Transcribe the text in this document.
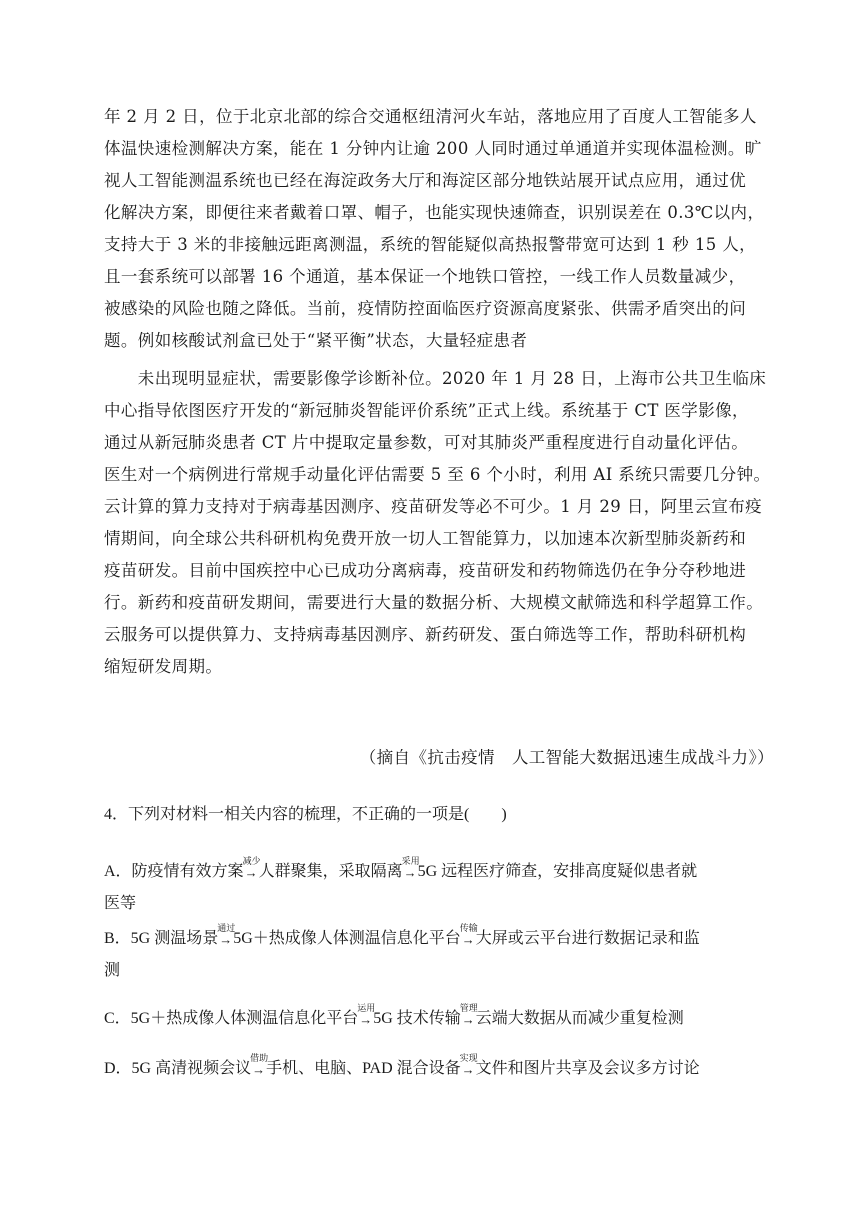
年 2 月 2 日，位于北京北部的综合交通枢纽清河火车站，落地应用了百度人工智能多人
体温快速检测解决方案，能在 1 分钟内让逾 200 人同时通过单通道并实现体温检测。旷
视人工智能测温系统也已经在海淀政务大厅和海淀区部分地铁站展开试点应用，通过优
化解决方案，即便往来者戴着口罩、帽子，也能实现快速筛查，识别误差在 0.3℃以内，
支持大于 3 米的非接触远距离测温，系统的智能疑似高热报警带宽可达到 1 秒 15 人，
且一套系统可以部署 16 个通道，基本保证一个地铁口管控，一线工作人员数量减少，
被感染的风险也随之降低。当前，疫情防控面临医疗资源高度紧张、供需矛盾突出的问
题。例如核酸试剂盒已处于“紧平衡”状态，大量轻症患者
　　未出现明显症状，需要影像学诊断补位。2020 年 1 月 28 日，上海市公共卫生临床
中心指导依图医疗开发的“新冠肺炎智能评价系统”正式上线。系统基于 CT 医学影像，
通过从新冠肺炎患者 CT 片中提取定量参数，可对其肺炎严重程度进行自动量化评估。
医生对一个病例进行常规手动量化评估需要 5 至 6 个小时，利用 AI 系统只需要几分钟。
云计算的算力支持对于病毒基因测序、疫苗研发等必不可少。1 月 29 日，阿里云宣布疫
情期间，向全球公共科研机构免费开放一切人工智能算力，以加速本次新型肺炎新药和
疫苗研发。目前中国疾控中心已成功分离病毒，疫苗研发和药物筛选仍在争分夺秒地进
行。新药和疫苗研发期间，需要进行大量的数据分析、大规模文献筛选和科学超算工作。
云服务可以提供算力、支持病毒基因测序、新药研发、蛋白筛选等工作，帮助科研机构
缩短研发周期。
（摘自《抗击疫情　人工智能大数据迅速生成战斗力》）
4．下列对材料一相关内容的梳理，不正确的一项是(　　)
A．防疫情有效方案
减少
→ 人群聚集，采取隔离
采用
→ 5G 远程医疗筛查，安排高度疑似患者就
医等
B．5G 测温场景
通过
→ 5G＋热成像人体测温信息化平台
传输
→ 大屏或云平台进行数据记录和监
测
C．5G＋热成像人体测温信息化平台
运用
→ 5G 技术传输
管理
→ 云端大数据从而减少重复检测
D．5G 高清视频会议
借助
→ 手机、电脑、PAD 混合设备
实现
→ 文件和图片共享及会议多方讨论
